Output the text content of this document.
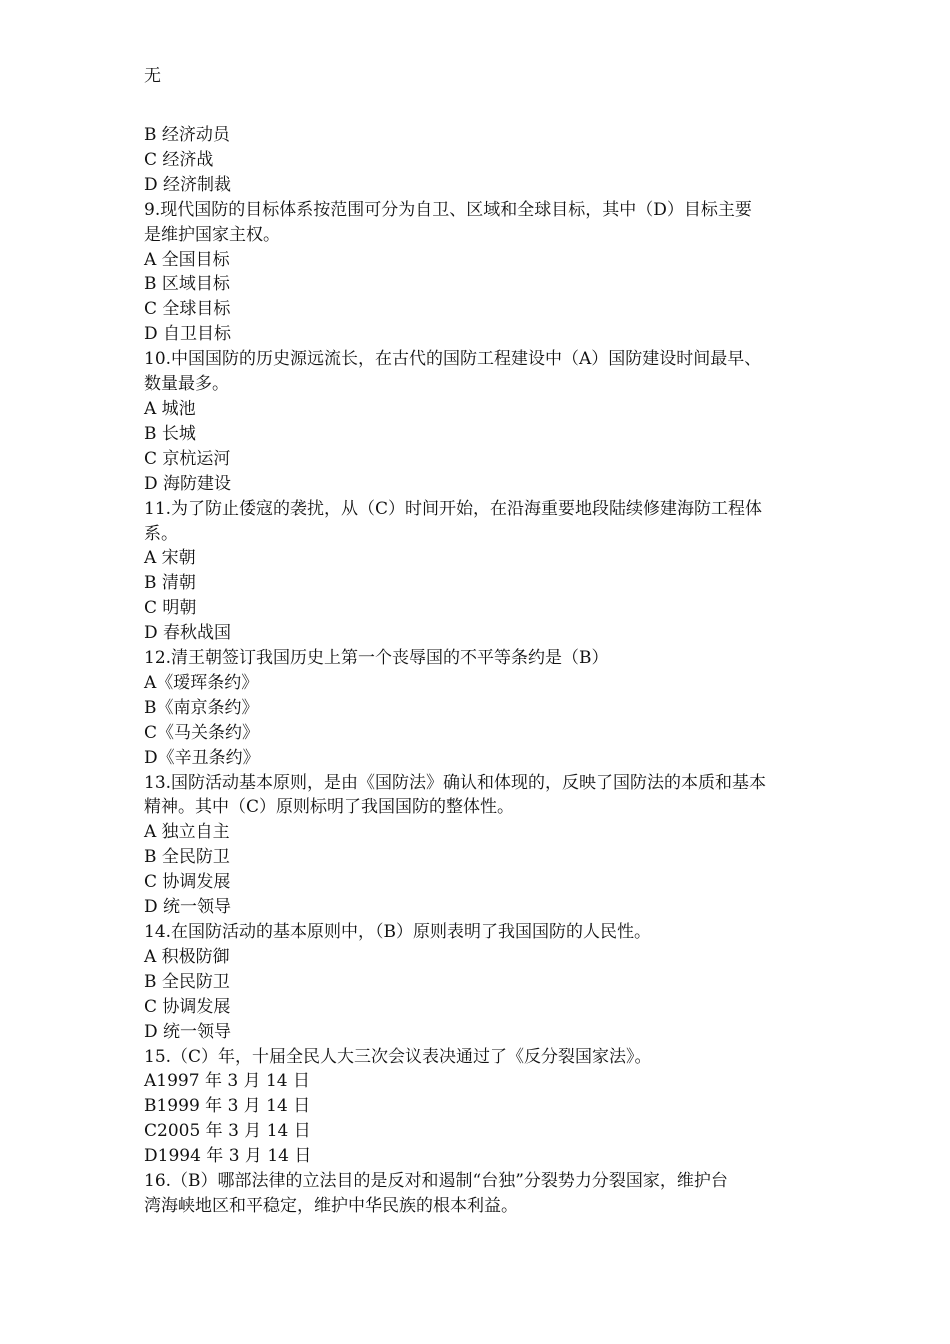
无
B 经济动员
C 经济战
D 经济制裁
9.现代国防的目标体系按范围可分为自卫、区域和全球目标，其中（D）目标主要
是维护国家主权。
A 全国目标
B 区域目标
C 全球目标
D 自卫目标
10.中国国防的历史源远流长，在古代的国防工程建设中（A）国防建设时间最早、
数量最多。
A 城池
B 长城
C 京杭运河
D 海防建设
11.为了防止倭寇的袭扰，从（C）时间开始，在沿海重要地段陆续修建海防工程体
系。
A 宋朝
B 清朝
C 明朝
D 春秋战国
12.清王朝签订我国历史上第一个丧辱国的不平等条约是（B）
A《瑷珲条约》
B《南京条约》
C《马关条约》
D《辛丑条约》
13.国防活动基本原则，是由《国防法》确认和体现的，反映了国防法的本质和基本
精神。其中（C）原则标明了我国国防的整体性。
A 独立自主
B 全民防卫
C 协调发展
D 统一领导
14.在国防活动的基本原则中，（B）原则表明了我国国防的人民性。
A 积极防御
B 全民防卫
C 协调发展
D 统一领导
15.（C）年，十届全民人大三次会议表决通过了《反分裂国家法》。
A1997 年 3 月 14 日
B1999 年 3 月 14 日
C2005 年 3 月 14 日
D1994 年 3 月 14 日
16.（B）哪部法律的立法目的是反对和遏制“台独”分裂势力分裂国家，维护台
湾海峡地区和平稳定，维护中华民族的根本利益。
